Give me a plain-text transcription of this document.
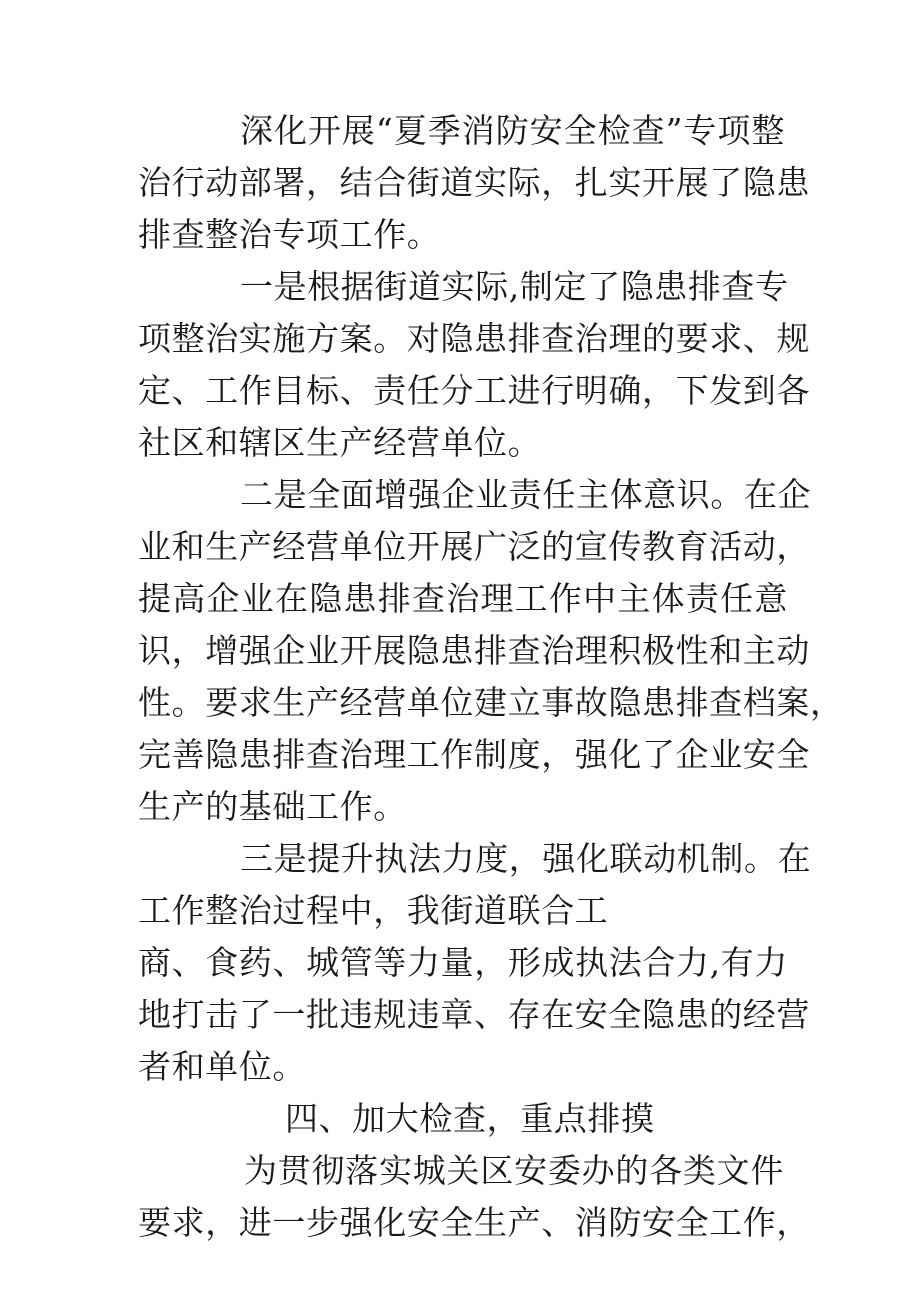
深化开展“夏季消防安全检查”专项整
治行动部署，结合街道实际，扎实开展了隐患
排查整治专项工作。
一是根据街道实际,制定了隐患排查专
项整治实施方案。对隐患排查治理的要求、规
定、工作目标、责任分工进行明确，下发到各
社区和辖区生产经营单位。
二是全面增强企业责任主体意识。在企
业和生产经营单位开展广泛的宣传教育活动，
提高企业在隐患排查治理工作中主体责任意
识，增强企业开展隐患排查治理积极性和主动
性。要求生产经营单位建立事故隐患排查档案，
完善隐患排查治理工作制度，强化了企业安全
生产的基础工作。
三是提升执法力度，强化联动机制。在
工作整治过程中，我街道联合工
商、食药、城管等力量，形成执法合力,有力
地打击了一批违规违章、存在安全隐患的经营
者和单位。
四、加大检查，重点排摸
为贯彻落实城关区安委办的各类文件
要求，进一步强化安全生产、消防安全工作，
